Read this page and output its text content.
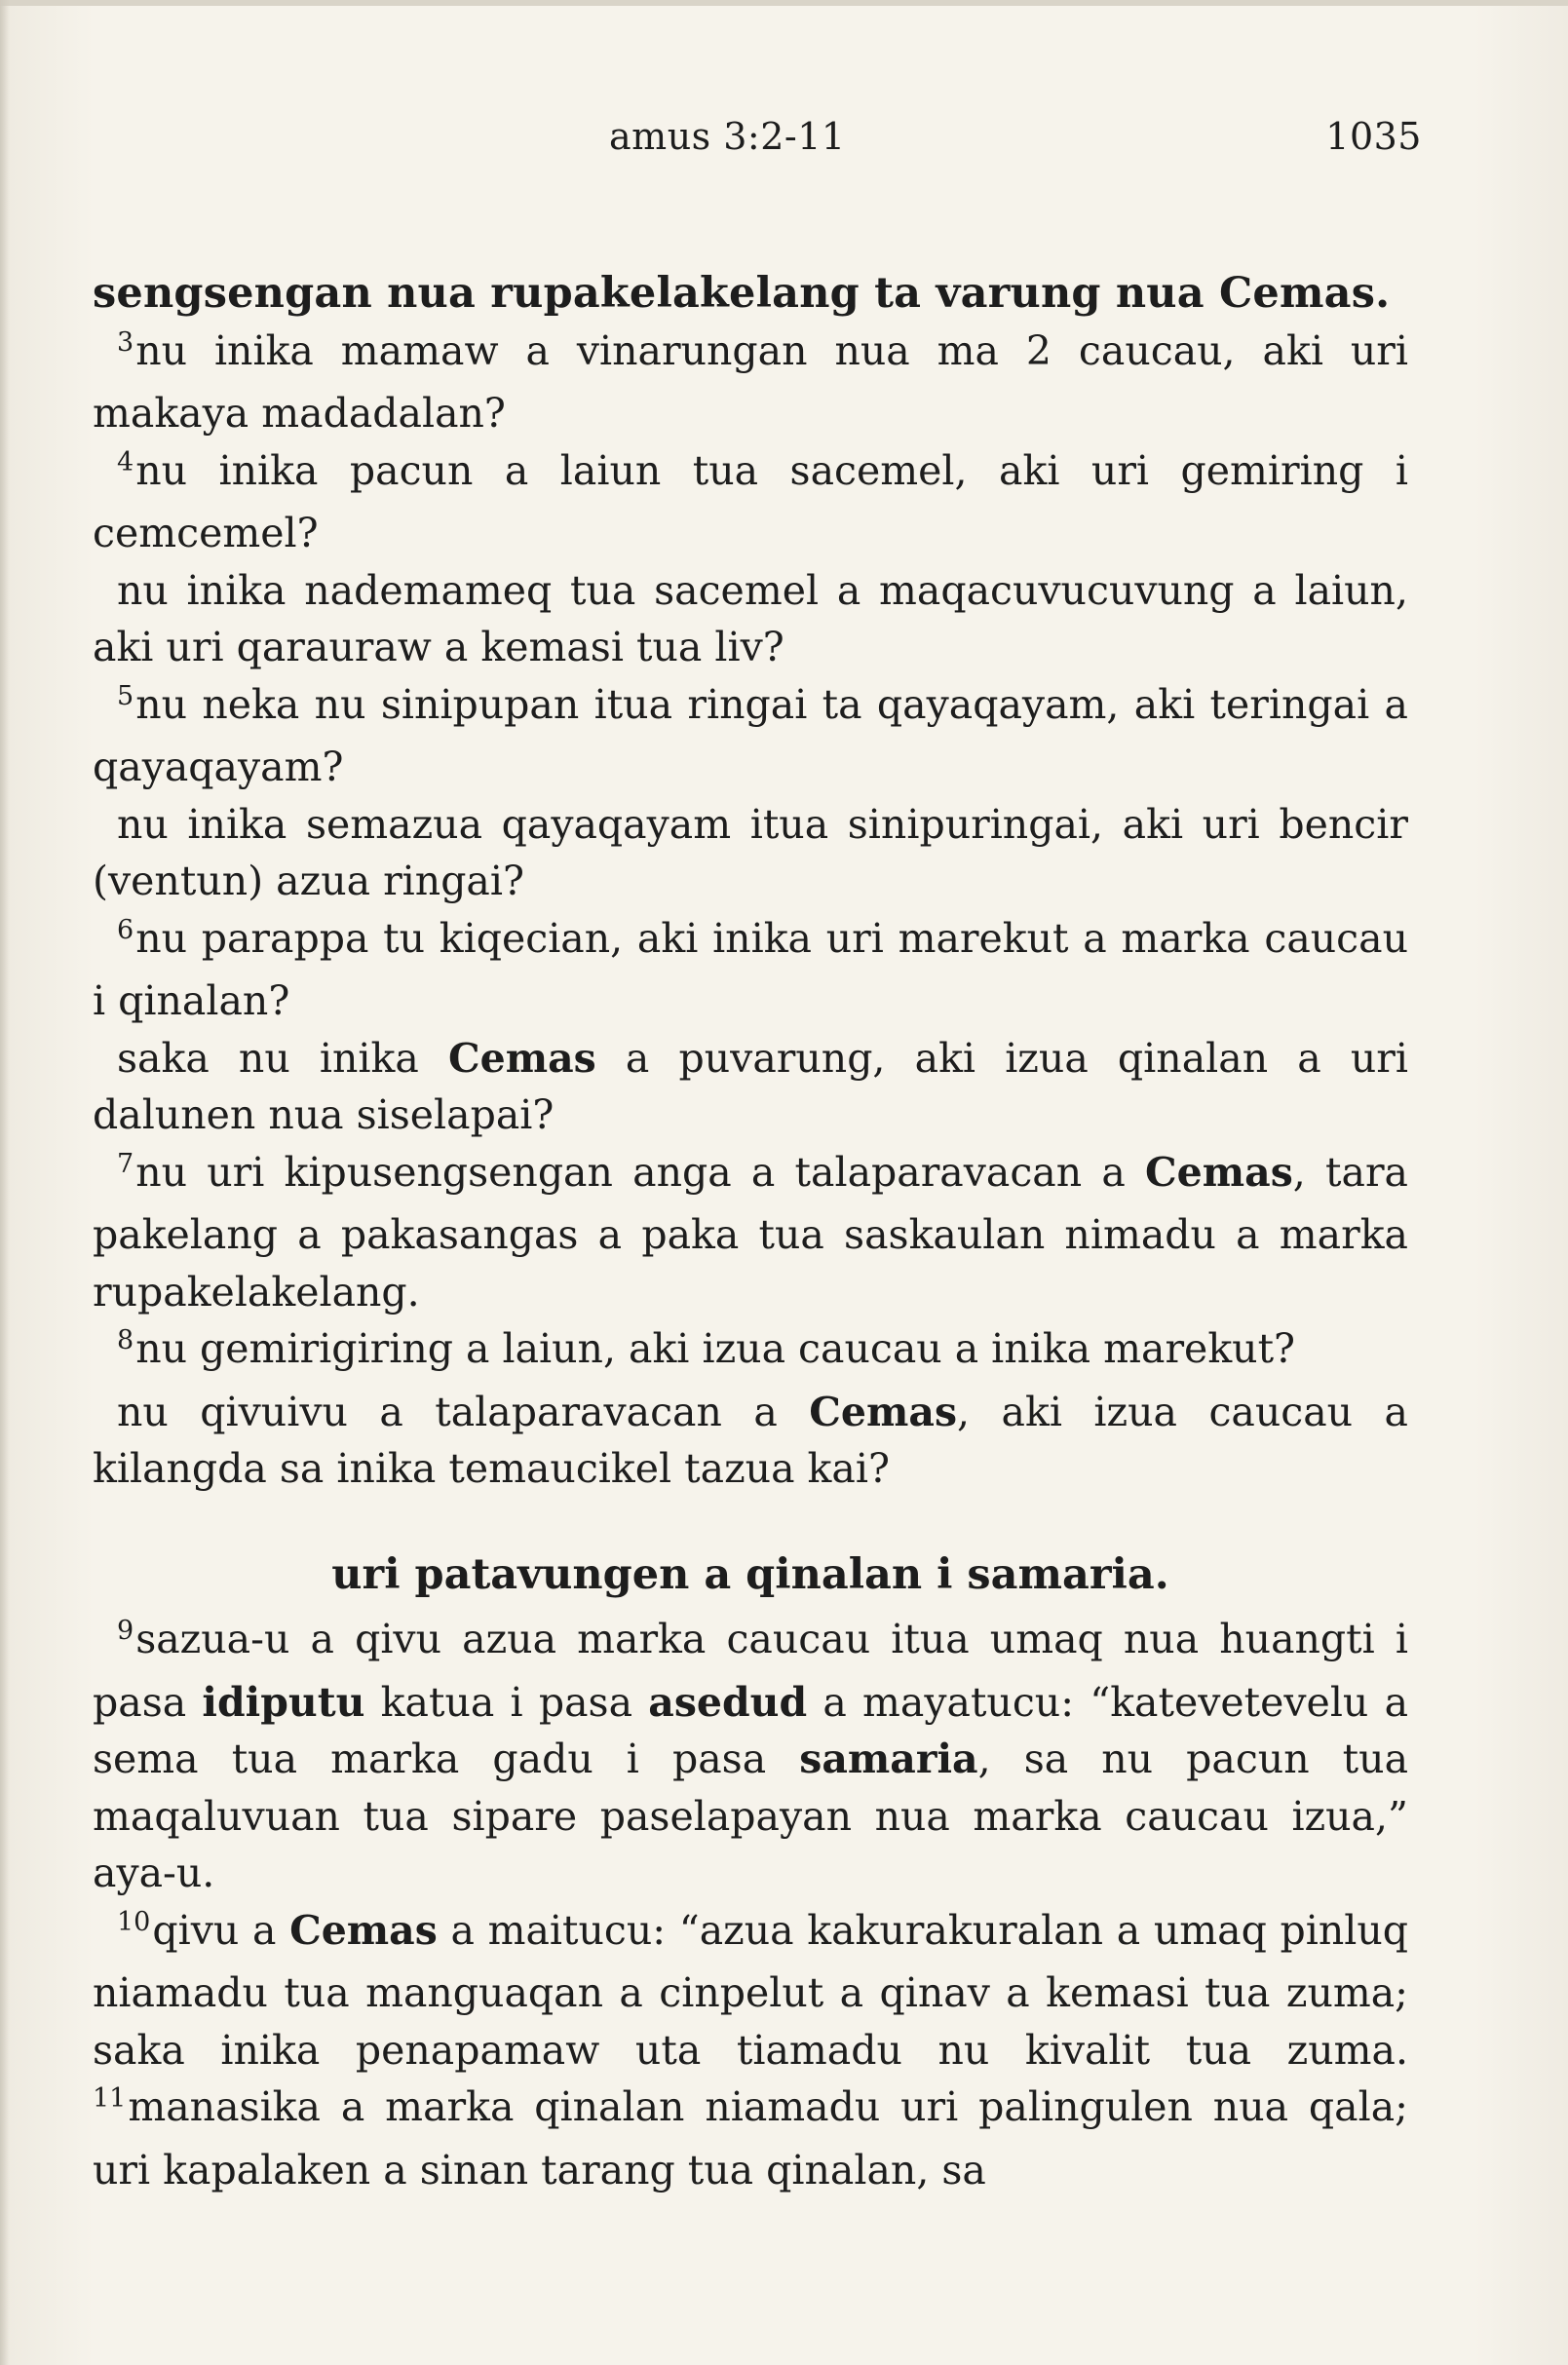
amus 3:2-11	1035

sengsengan nua rupakelakelang ta varung nua Cemas.

$^3$nu inika mamaw a vinarungan nua ma 2 caucau, aki uri makaya madadalan?

$^4$nu inika pacun a laiun tua sacemel, aki uri gemiring i cemcemel?

nu inika nademameq tua sacemel a maqacuvucuvung a laiun, aki uri qarauraw a kemasi tua liv?

$^5$nu neka nu sinipupan itua ringai ta qayaqayam, aki teringai a qayaqayam?

nu inika semazua qayaqayam itua sinipuringai, aki uri bencir (ventun) azua ringai?

$^6$nu parappa tu kiqecian, aki inika uri marekut a marka caucau i qinalan?

saka nu inika Cemas a puvarung, aki izua qinalan a uri dalunen nua siselapai?

$^7$nu uri kipusengsengan anga a talaparavacan a Cemas, tara pakelang a pakasangas a paka tua saskaulan nimadu a marka rupakelakelang.

$^8$nu gemirigiring a laiun, aki izua caucau a inika marekut?

nu qivuivu a talaparavacan a Cemas, aki izua caucau a kilangda sa inika temaucikel tazua kai?

uri patavungen a qinalan i samaria.

$^9$sazua-u a qivu azua marka caucau itua umaq nua huangti i pasa idiputu katua i pasa asedud a mayatucu: “katevetevelu a sema tua marka gadu i pasa samaria, sa nu pacun tua maqaluvuan tua sipare paselapayan nua marka caucau izua,” aya-u.

$^{10}$qivu a Cemas a maitucu: “azua kakurakuralan a umaq pinluq niamadu tua manguaqan a cinpelut a qinav a kemasi tua zuma; saka inika penapamaw uta tiamadu nu kivalit tua zuma. $^{11}$manasika a marka qinalan niamadu uri palingulen nua qala; uri kapalaken a sinan tarang tua qinalan, sa
